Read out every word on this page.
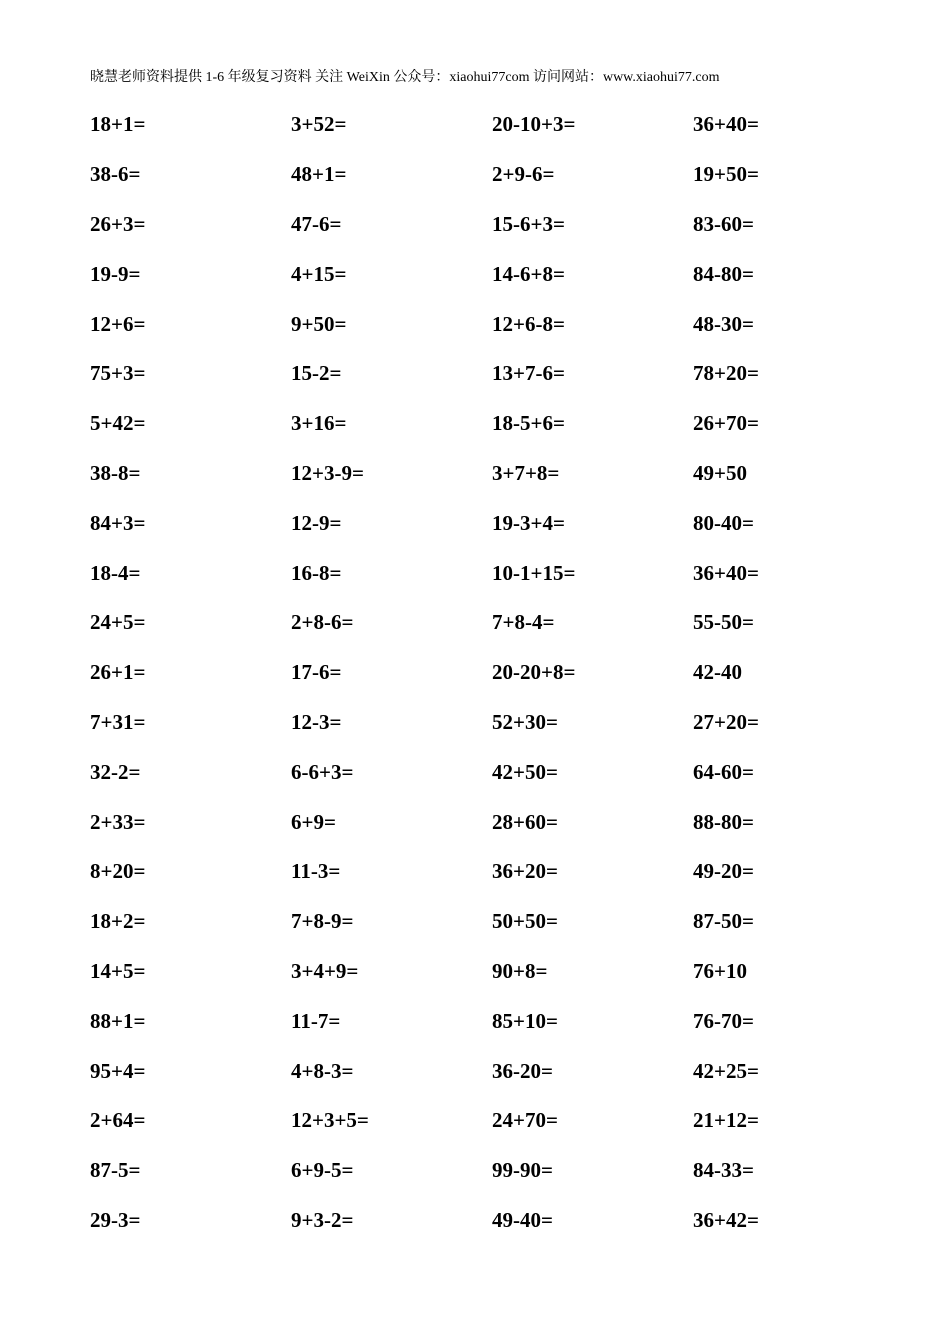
晓慧老师资料提供 1-6 年级复习资料 关注 WeiXin 公众号：xiaohui77com 访问网站：www.xiaohui77.com
18+1=	3+52=	20-10+3=	36+40=
38-6=	48+1=	2+9-6=	19+50=
26+3=	47-6=	15-6+3=	83-60=
19-9=	4+15=	14-6+8=	84-80=
12+6=	9+50=	12+6-8=	48-30=
75+3=	15-2=	13+7-6=	78+20=
5+42=	3+16=	18-5+6=	26+70=
38-8=	12+3-9=	3+7+8=	49+50
84+3=	12-9=	19-3+4=	80-40=
18-4=	16-8=	10-1+15=	36+40=
24+5=	2+8-6=	7+8-4=	55-50=
26+1=	17-6=	20-20+8=	42-40
7+31=	12-3=	52+30=	27+20=
32-2=	6-6+3=	42+50=	64-60=
2+33=	6+9=	28+60=	88-80=
8+20=	11-3=	36+20=	49-20=
18+2=	7+8-9=	50+50=	87-50=
14+5=	3+4+9=	90+8=	76+10
88+1=	11-7=	85+10=	76-70=
95+4=	4+8-3=	36-20=	42+25=
2+64=	12+3+5=	24+70=	21+12=
87-5=	6+9-5=	99-90=	84-33=
29-3=	9+3-2=	49-40=	36+42=
